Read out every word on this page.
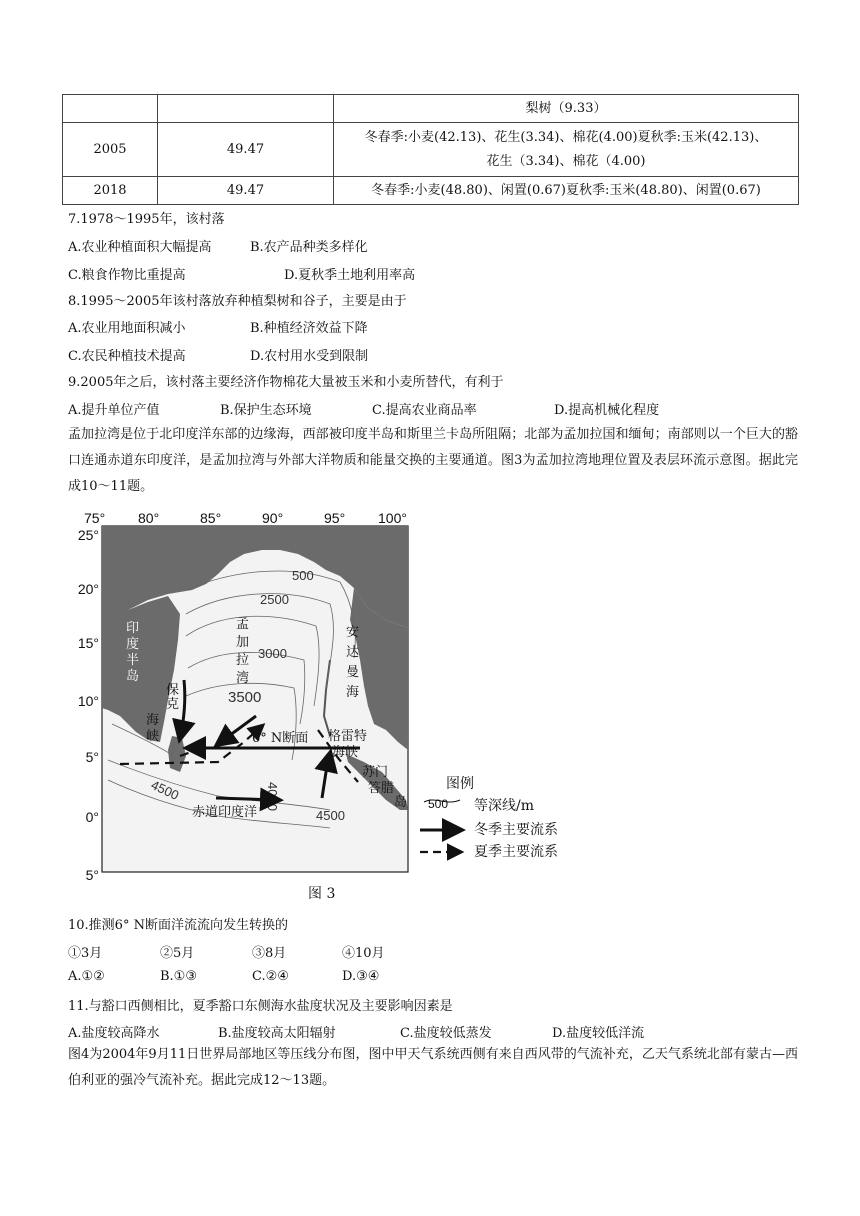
		梨树（9.33）
2005	49.47	冬春季:小麦(42.13)、花生(3.34)、棉花(4.00)夏秋季:玉米(42.13)、
花生（3.34)、棉花（4.00)

2018	49.47	冬春季:小麦(48.80)、闲置(0.67)夏秋季:玉米(48.80)、闲置(0.67)
7.1978～1995年，该村落
A.农业种植面积大幅提高	B.农产品种类多样化
C.粮食作物比重提高	D.夏秋季土地利用率高
8.1995～2005年该村落放弃种植梨树和谷子，主要是由于
A.农业用地面积减小	B.种植经济效益下降
C.农民种植技术提高	D.农村用水受到限制
9.2005年之后，该村落主要经济作物棉花大量被玉米和小麦所替代，有利于
A.提升单位产值	B.保护生态环境	C.提高农业商品率	D.提高机械化程度
孟加拉湾是位于北印度洋东部的边缘海，西部被印度半岛和斯里兰卡岛所阻隔；北部为孟加拉国和缅甸；南部则以一个巨大的豁口连通赤道东印度洋，是孟加拉湾与外部大洋物质和能量交换的主要通道。图3为孟加拉湾地理位置及表层环流示意图。据此完成10～11题。
75° 80°	85°	90°	95° 100°
25°
20°
15°
10°
5°
0°
5°
印
度
半
岛
孟
加
拉
湾
安
达
曼
海
保
克
海
峡	6° N断面 格雷特
海峡
赤道印度洋
苏门
答腊
岛
500
2500
3000
3500
4000
4500
4500
图例
500 等深线/m
冬季主要流系
夏季主要流系
图 3
10.推测6° N断面洋流流向发生转换的
①3月	②5月	③8月	④10月
A.①②	B.①③	C.②④	D.③④
11.与豁口西侧相比，夏季豁口东侧海水盐度状况及主要影响因素是
A.盐度较高降水	B.盐度较高太阳辐射	C.盐度较低蒸发	D.盐度较低洋流
图4为2004年9月11日世界局部地区等压线分布图，图中甲天气系统西侧有来自西风带的气流补充，乙天气系统北部有蒙古—西伯利亚的强冷气流补充。据此完成12～13题。
